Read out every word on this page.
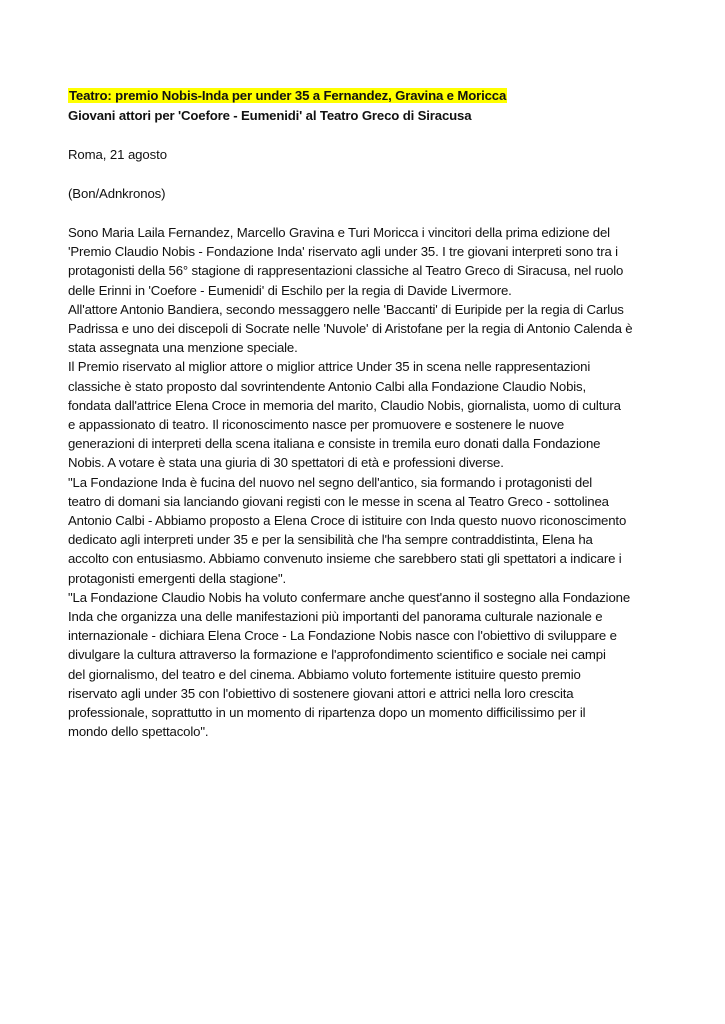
Teatro: premio Nobis-Inda per under 35 a Fernandez, Gravina e Moricca

Giovani attori per 'Coefore - Eumenidi' al Teatro Greco di Siracusa

Roma, 21 agosto

(Bon/Adnkronos)

Sono Maria Laila Fernandez, Marcello Gravina e Turi Moricca i vincitori della prima edizione del
'Premio Claudio Nobis - Fondazione Inda' riservato agli under 35. I tre giovani interpreti sono tra i
protagonisti della 56° stagione di rappresentazioni classiche al Teatro Greco di Siracusa, nel ruolo
delle Erinni in 'Coefore - Eumenidi' di Eschilo per la regia di Davide Livermore.
All'attore Antonio Bandiera, secondo messaggero nelle 'Baccanti' di Euripide per la regia di Carlus
Padrissa e uno dei discepoli di Socrate nelle 'Nuvole' di Aristofane per la regia di Antonio Calenda è
stata assegnata una menzione speciale.
Il Premio riservato al miglior attore o miglior attrice Under 35 in scena nelle rappresentazioni
classiche è stato proposto dal sovrintendente Antonio Calbi alla Fondazione Claudio Nobis,
fondata dall'attrice Elena Croce in memoria del marito, Claudio Nobis, giornalista, uomo di cultura
e appassionato di teatro. Il riconoscimento nasce per promuovere e sostenere le nuove
generazioni di interpreti della scena italiana e consiste in tremila euro donati dalla Fondazione
Nobis. A votare è stata una giuria di 30 spettatori di età e professioni diverse.
"La Fondazione Inda è fucina del nuovo nel segno dell'antico, sia formando i protagonisti del
teatro di domani sia lanciando giovani registi con le messe in scena al Teatro Greco - sottolinea
Antonio Calbi - Abbiamo proposto a Elena Croce di istituire con Inda questo nuovo riconoscimento
dedicato agli interpreti under 35 e per la sensibilità che l'ha sempre contraddistinta, Elena ha
accolto con entusiasmo. Abbiamo convenuto insieme che sarebbero stati gli spettatori a indicare i
protagonisti emergenti della stagione".
"La Fondazione Claudio Nobis ha voluto confermare anche quest'anno il sostegno alla Fondazione
Inda che organizza una delle manifestazioni più importanti del panorama culturale nazionale e
internazionale - dichiara Elena Croce - La Fondazione Nobis nasce con l'obiettivo di sviluppare e
divulgare la cultura attraverso la formazione e l'approfondimento scientifico e sociale nei campi
del giornalismo, del teatro e del cinema. Abbiamo voluto fortemente istituire questo premio
riservato agli under 35 con l'obiettivo di sostenere giovani attori e attrici nella loro crescita
professionale, soprattutto in un momento di ripartenza dopo un momento difficilissimo per il
mondo dello spettacolo".
